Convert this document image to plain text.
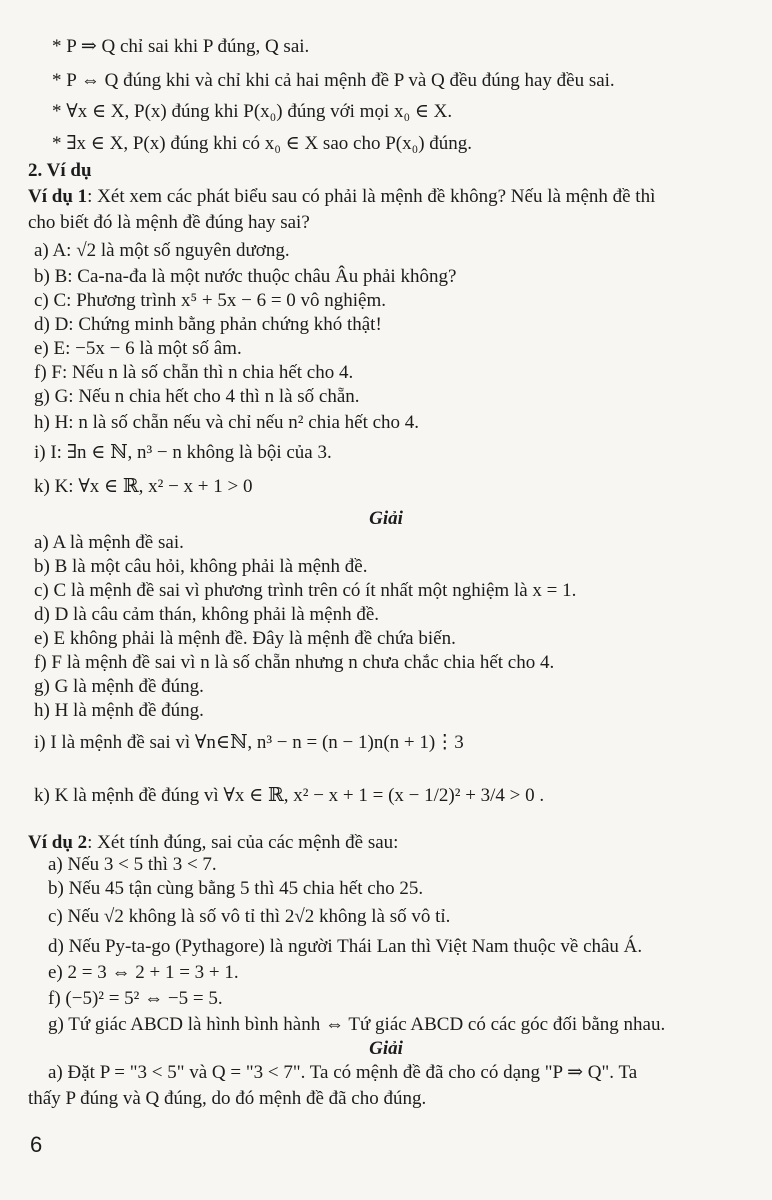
* P ⇒ Q chỉ sai khi P đúng, Q sai.
* P ⇔ Q đúng khi và chỉ khi cả hai mệnh đề P và Q đều đúng hay đều sai.
* ∀x ∈ X, P(x) đúng khi P(x₀) đúng với mọi x₀ ∈ X.
* ∃x ∈ X, P(x) đúng khi có x₀ ∈ X sao cho P(x₀) đúng.
2. Ví dụ
Ví dụ 1: Xét xem các phát biểu sau có phải là mệnh đề không? Nếu là mệnh đề thì
cho biết đó là mệnh đề đúng hay sai?
a) A: √2 là một số nguyên dương.
b) B: Ca-na-đa là một nước thuộc châu Âu phải không?
c) C: Phương trình x⁵ + 5x − 6 = 0 vô nghiệm.
d) D: Chứng minh bằng phản chứng khó thật!
e) E: −5x − 6 là một số âm.
f) F: Nếu n là số chẵn thì n chia hết cho 4.
g) G: Nếu n chia hết cho 4 thì n là số chẵn.
h) H: n là số chẵn nếu và chỉ nếu n² chia hết cho 4.
i) I: ∃n ∈ ℕ, n³ − n không là bội của 3.
k) K: ∀x ∈ ℝ, x² − x + 1 > 0
Giải
a) A là mệnh đề sai.
b) B là một câu hỏi, không phải là mệnh đề.
c) C là mệnh đề sai vì phương trình trên có ít nhất một nghiệm là x = 1.
d) D là câu cảm thán, không phải là mệnh đề.
e) E không phải là mệnh đề. Đây là mệnh đề chứa biến.
f) F là mệnh đề sai vì n là số chẵn nhưng n chưa chắc chia hết cho 4.
g) G là mệnh đề đúng.
h) H là mệnh đề đúng.
i) I là mệnh đề sai vì ∀n∈ℕ, n³ − n = (n − 1)n(n + 1)⋮3
k) K là mệnh đề đúng vì ∀x ∈ ℝ, x² − x + 1 = (x − 1/2)² + 3/4 > 0 .
Ví dụ 2: Xét tính đúng, sai của các mệnh đề sau:
a) Nếu 3 < 5 thì 3 < 7.
b) Nếu 45 tận cùng bằng 5 thì 45 chia hết cho 25.
c) Nếu √2 không là số vô tỉ thì 2√2 không là số vô tỉ.
d) Nếu Py-ta-go (Pythagore) là người Thái Lan thì Việt Nam thuộc về châu Á.
e) 2 = 3 ⇔ 2 + 1 = 3 + 1.
f) (−5)² = 5² ⇔ −5 = 5.
g) Tứ giác ABCD là hình bình hành ⇔ Tứ giác ABCD có các góc đối bằng nhau.
Giải
a) Đặt P = "3 < 5" và Q = "3 < 7". Ta có mệnh đề đã cho có dạng "P ⇒ Q". Ta
thấy P đúng và Q đúng, do đó mệnh đề đã cho đúng.
6
